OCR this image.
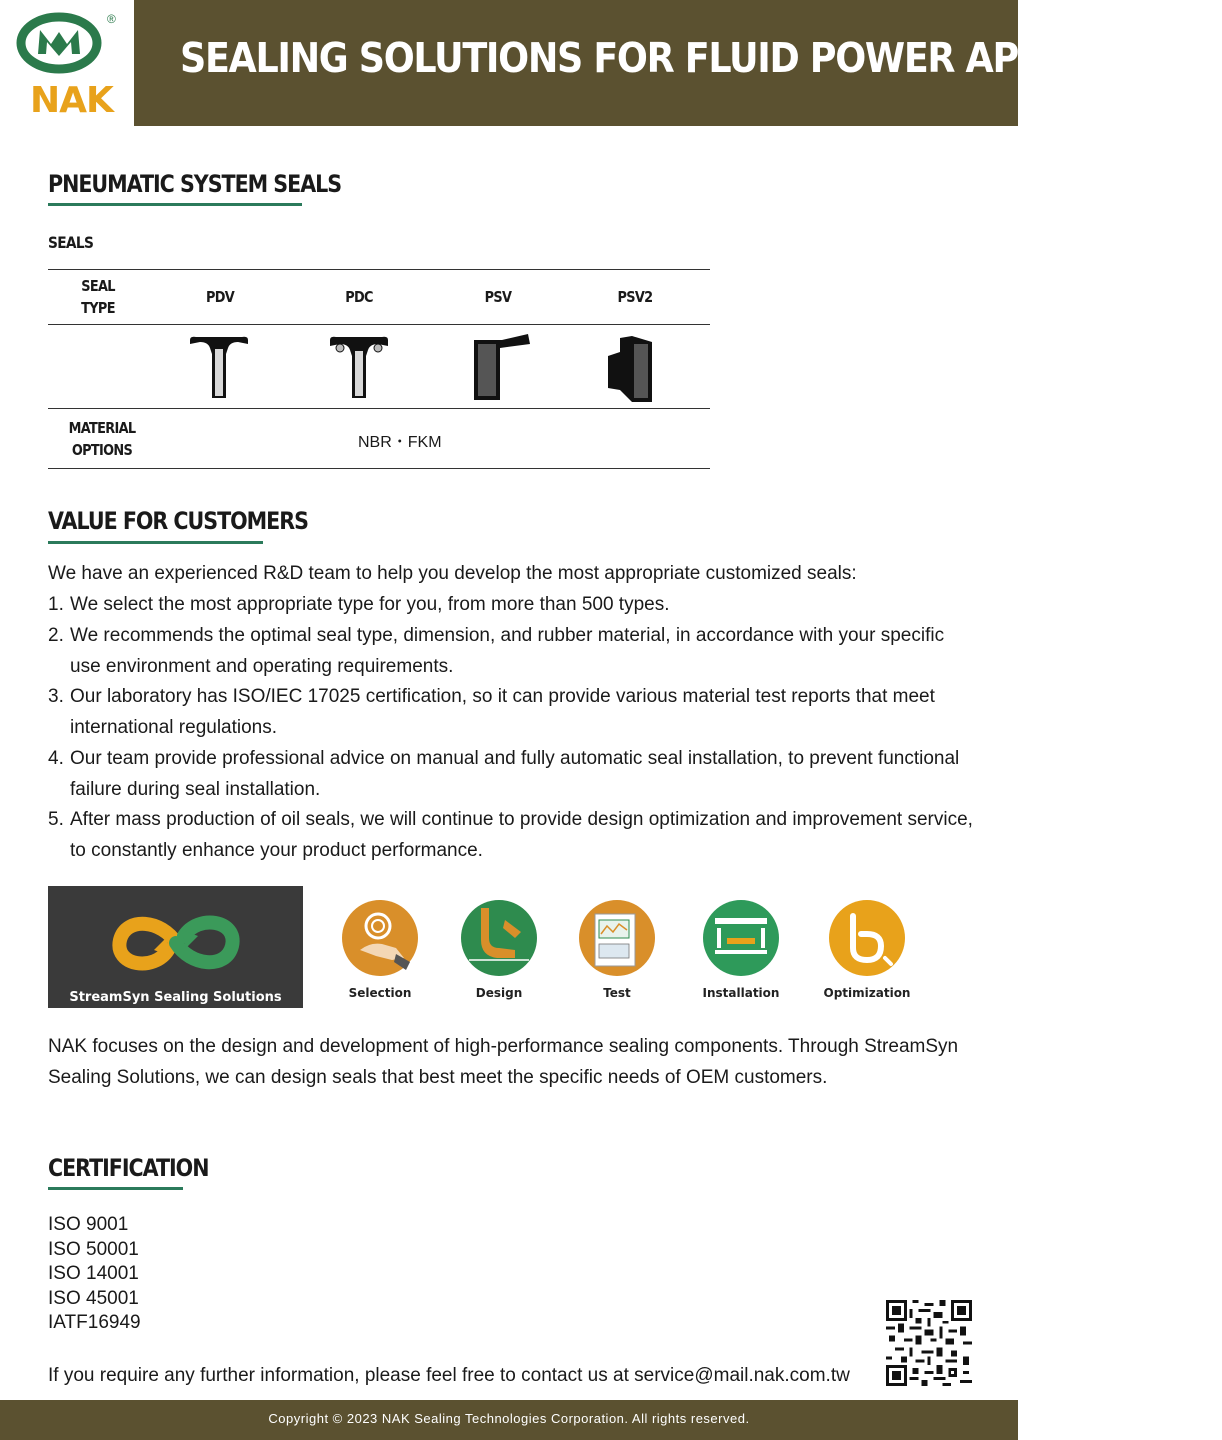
®
NAK
SEALING SOLUTIONS FOR FLUID POWER APPLICATION
PNEUMATIC SYSTEM SEALS
SEALS
SEAL
TYPE
PDV	PDC	PSV	PSV2
MATERIAL
OPTIONS	NBR・FKM
VALUE FOR CUSTOMERS
We have an experienced R&D team to help you develop the most appropriate customized seals:
1. We select the most appropriate type for you, from more than 500 types.
2. We recommends the optimal seal type, dimension, and rubber material, in accordance with your specific use environment and operating requirements.
3. Our laboratory has ISO/IEC 17025 certification, so it can provide various material test reports that meet international regulations.
4. Our team provide professional advice on manual and fully automatic seal installation, to prevent functional failure during seal installation.
5. After mass production of oil seals, we will continue to provide design optimization and improvement service, to constantly enhance your product performance.
StreamSyn Sealing Solutions	Selection	Design	Test	Installation	Optimization
NAK focuses on the design and development of high-performance sealing components. Through StreamSyn Sealing Solutions, we can design seals that best meet the specific needs of OEM customers.
CERTIFICATION
ISO 9001
ISO 50001
ISO 14001
ISO 45001
IATF16949
If you require any further information, please feel free to contact us at service@mail.nak.com.tw
Copyright © 2023 NAK Sealing Technologies Corporation. All rights reserved.
